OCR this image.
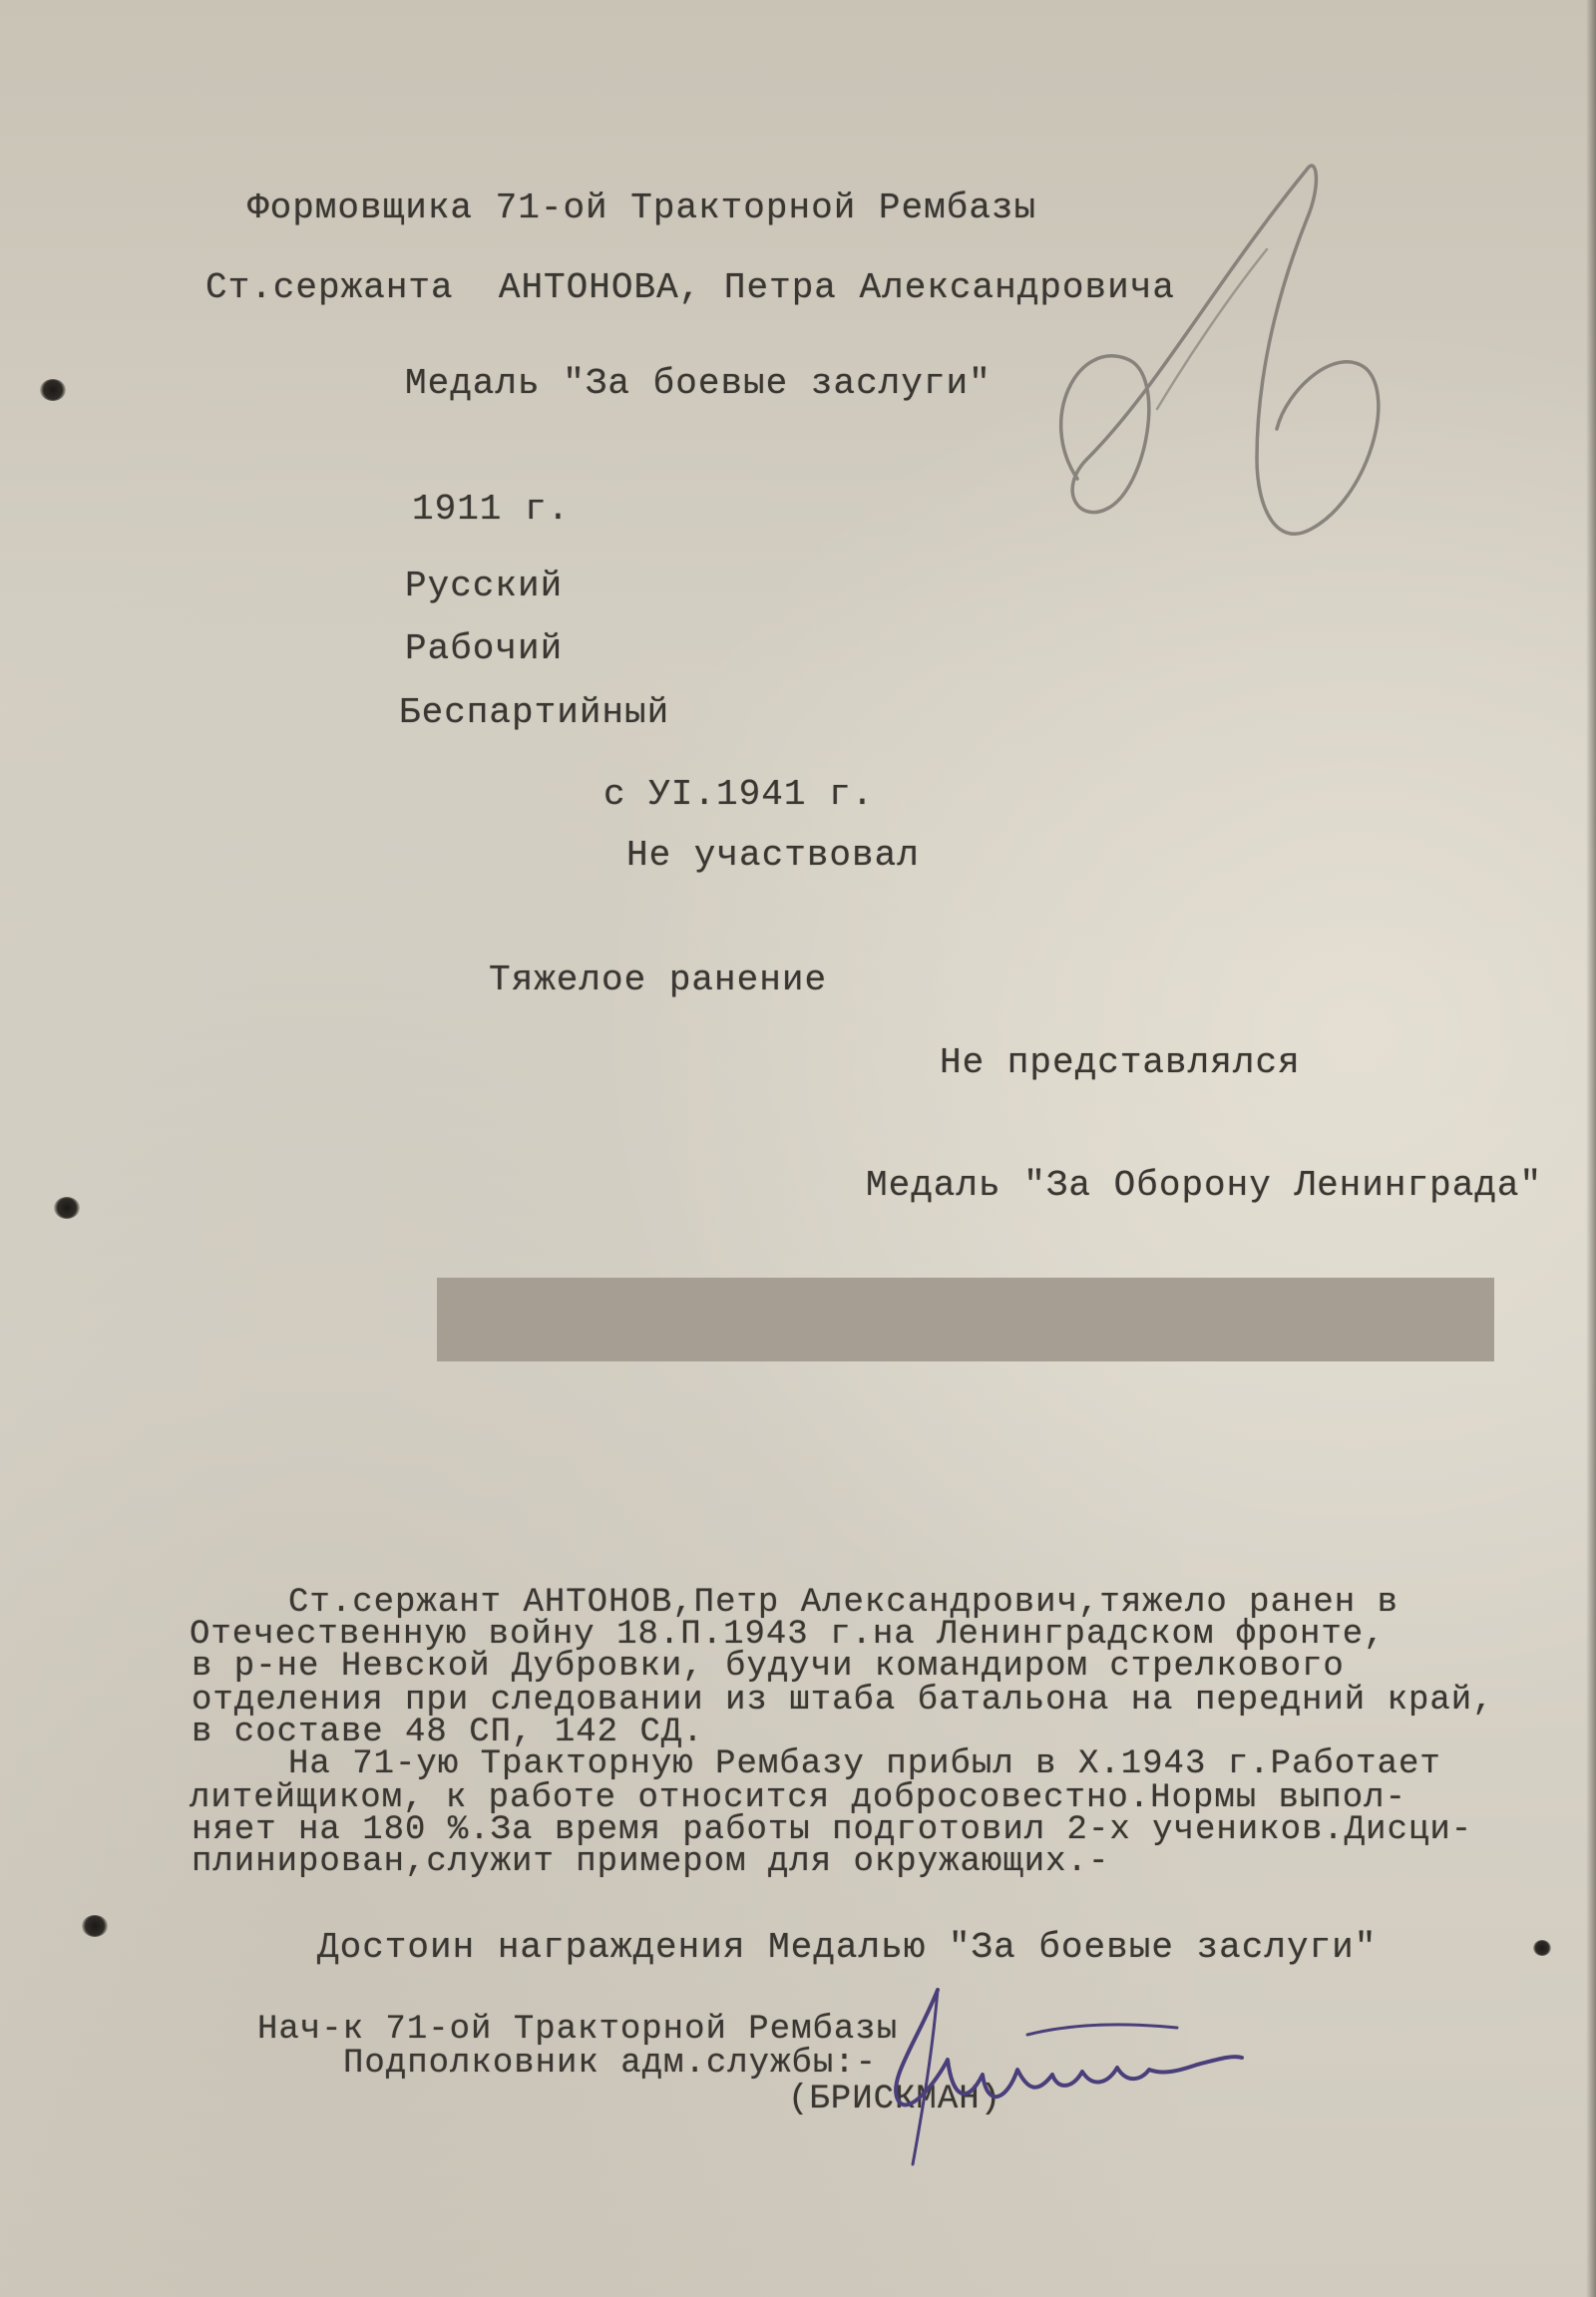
Формовщика 71-ой Тракторной Рембазы
Ст.сержанта  АНТОНОВА, Петра Александровича
Медаль "За боевые заслуги"
1911 г.
Русский
Рабочий
Беспартийный
с УI.1941 г.
Не участвовал
Тяжелое ранение
Не представлялся
Медаль "За Оборону Ленинграда"
Ст.сержант АНТОНОВ,Петр Александрович,тяжело ранен в
Отечественную войну 18.П.1943 г.на Ленинградском фронте,
в р-не Невской Дубровки, будучи командиром стрелкового
отделения при следовании из штаба батальона на передний край,
в составе 48 СП, 142 СД.
На 71-ую Тракторную Рембазу прибыл в Х.1943 г.Работает
литейщиком, к работе относится добросовестно.Нормы выпол-
няет на 180 %.За время работы подготовил 2-х учеников.Дисци-
плинирован,служит примером для окружающих.-
Достоин награждения Медалью "За боевые заслуги"
Нач-к 71-ой Тракторной Рембазы
Подполковник адм.службы:-
(БРИСКМАН)
